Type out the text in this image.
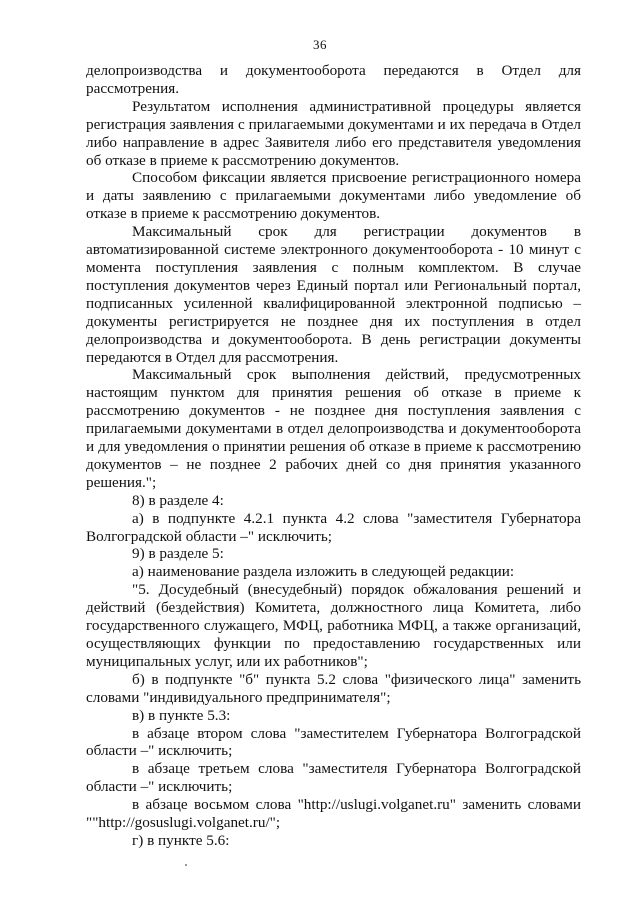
36

делопроизводства и документооборота передаются в Отдел для рассмотрения.

Результатом исполнения административной процедуры является регистрация заявления с прилагаемыми документами и их передача в Отдел либо направление в адрес Заявителя либо его представителя уведомления об отказе в приеме к рассмотрению документов.

Способом фиксации является присвоение регистрационного номера и даты заявлению с прилагаемыми документами либо уведомление об отказе в приеме к рассмотрению документов.

Максимальный срок для регистрации документов в автоматизированной системе электронного документооборота - 10 минут с момента поступления заявления с полным комплектом. В случае поступления документов через Единый портал или Региональный портал, подписанных усиленной квалифицированной электронной подписью – документы регистрируется не позднее дня их поступления в отдел делопроизводства и документооборота. В день регистрации документы передаются в Отдел для рассмотрения.

Максимальный срок выполнения действий, предусмотренных настоящим пунктом для принятия решения об отказе в приеме к рассмотрению документов - не позднее дня поступления заявления с прилагаемыми документами в отдел делопроизводства и документооборота и для уведомления о принятии решения об отказе в приеме к рассмотрению документов – не позднее 2 рабочих дней со дня принятия указанного решения.";

8) в разделе 4:

а) в подпункте 4.2.1 пункта 4.2 слова "заместителя Губернатора Волгоградской области –" исключить;

9) в разделе 5:

а) наименование раздела изложить в следующей редакции:

"5. Досудебный (внесудебный) порядок обжалования решений и действий (бездействия) Комитета, должностного лица Комитета, либо государственного служащего, МФЦ, работника МФЦ, а также организаций, осуществляющих функции по предоставлению государственных или муниципальных услуг, или их работников";

б) в подпункте "б" пункта 5.2 слова "физического лица" заменить словами "индивидуального предпринимателя";

в) в пункте 5.3:

в абзаце втором слова "заместителем Губернатора Волгоградской области –" исключить;

в абзаце третьем слова "заместителя Губернатора Волгоградской области –" исключить;

в абзаце восьмом слова "http://uslugi.volganet.ru" заменить словами ""http://gosuslugi.volganet.ru/";

г) в пункте 5.6:
